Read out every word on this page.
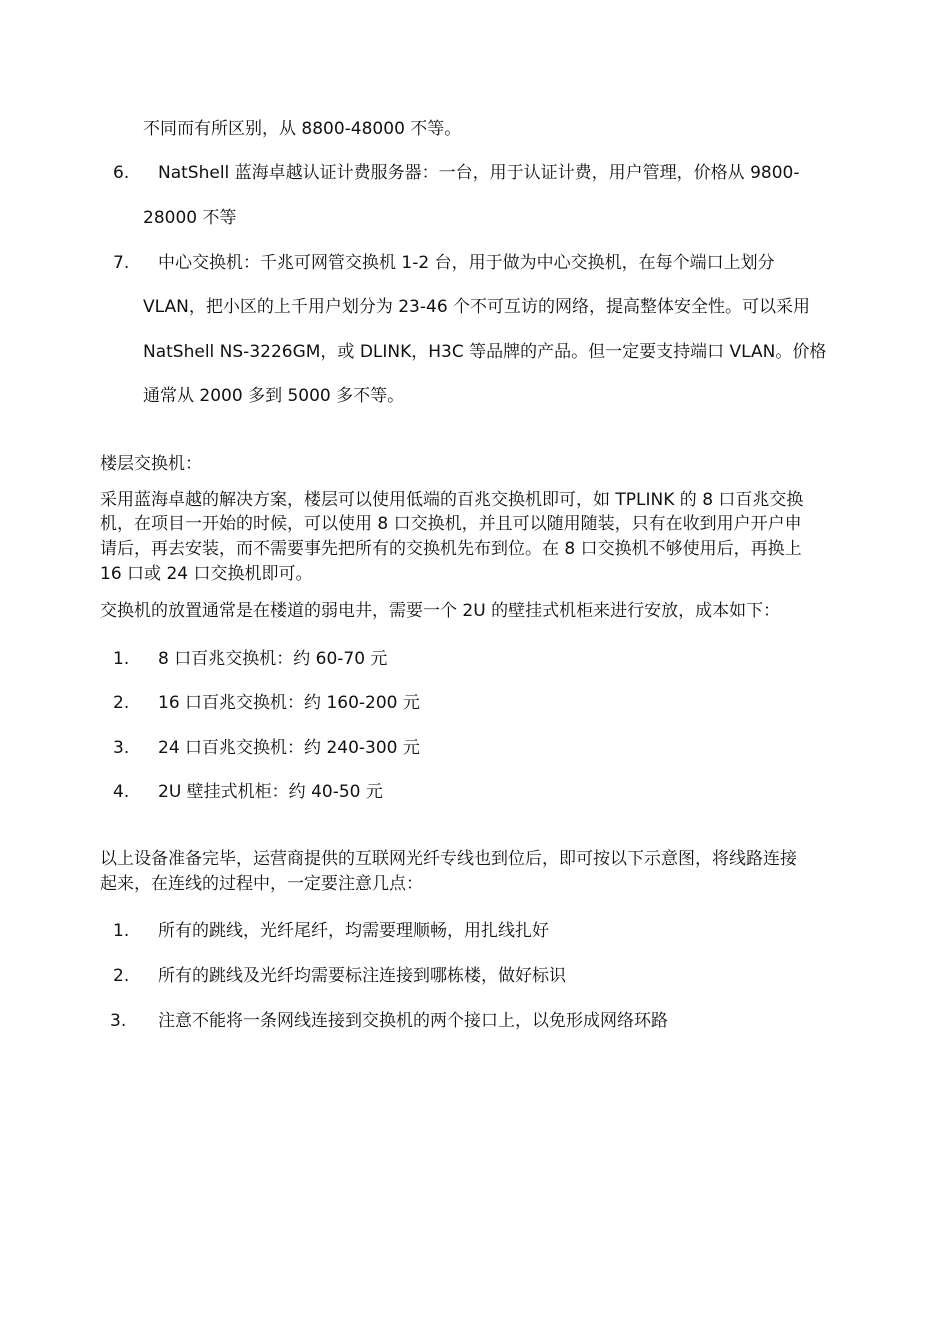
不同而有所区别，从 8800-48000 不等。
6. NatShell 蓝海卓越认证计费服务器：一台，用于认证计费，用户管理，价格从 9800-
28000 不等
7. 中心交换机：千兆可网管交换机 1-2 台，用于做为中心交换机，在每个端口上划分
VLAN，把小区的上千用户划分为 23-46 个不可互访的网络，提高整体安全性。可以采用
NatShell NS-3226GM，或 DLINK，H3C 等品牌的产品。但一定要支持端口 VLAN。价格
通常从 2000 多到 5000 多不等。
楼层交换机：
采用蓝海卓越的解决方案，楼层可以使用低端的百兆交换机即可，如 TPLINK 的 8 口百兆交换
机，在项目一开始的时候，可以使用 8 口交换机，并且可以随用随装，只有在收到用户开户申
请后，再去安装，而不需要事先把所有的交换机先布到位。在 8 口交换机不够使用后，再换上
16 口或 24 口交换机即可。
交换机的放置通常是在楼道的弱电井，需要一个 2U 的壁挂式机柜来进行安放，成本如下：
1. 8 口百兆交换机：约 60-70 元
2. 16 口百兆交换机：约 160-200 元
3. 24 口百兆交换机：约 240-300 元
4. 2U 壁挂式机柜：约 40-50 元
以上设备准备完毕，运营商提供的互联网光纤专线也到位后，即可按以下示意图，将线路连接
起来，在连线的过程中，一定要注意几点：
1. 所有的跳线，光纤尾纤，均需要理顺畅，用扎线扎好
2. 所有的跳线及光纤均需要标注连接到哪栋楼，做好标识
3. 注意不能将一条网线连接到交换机的两个接口上，以免形成网络环路
